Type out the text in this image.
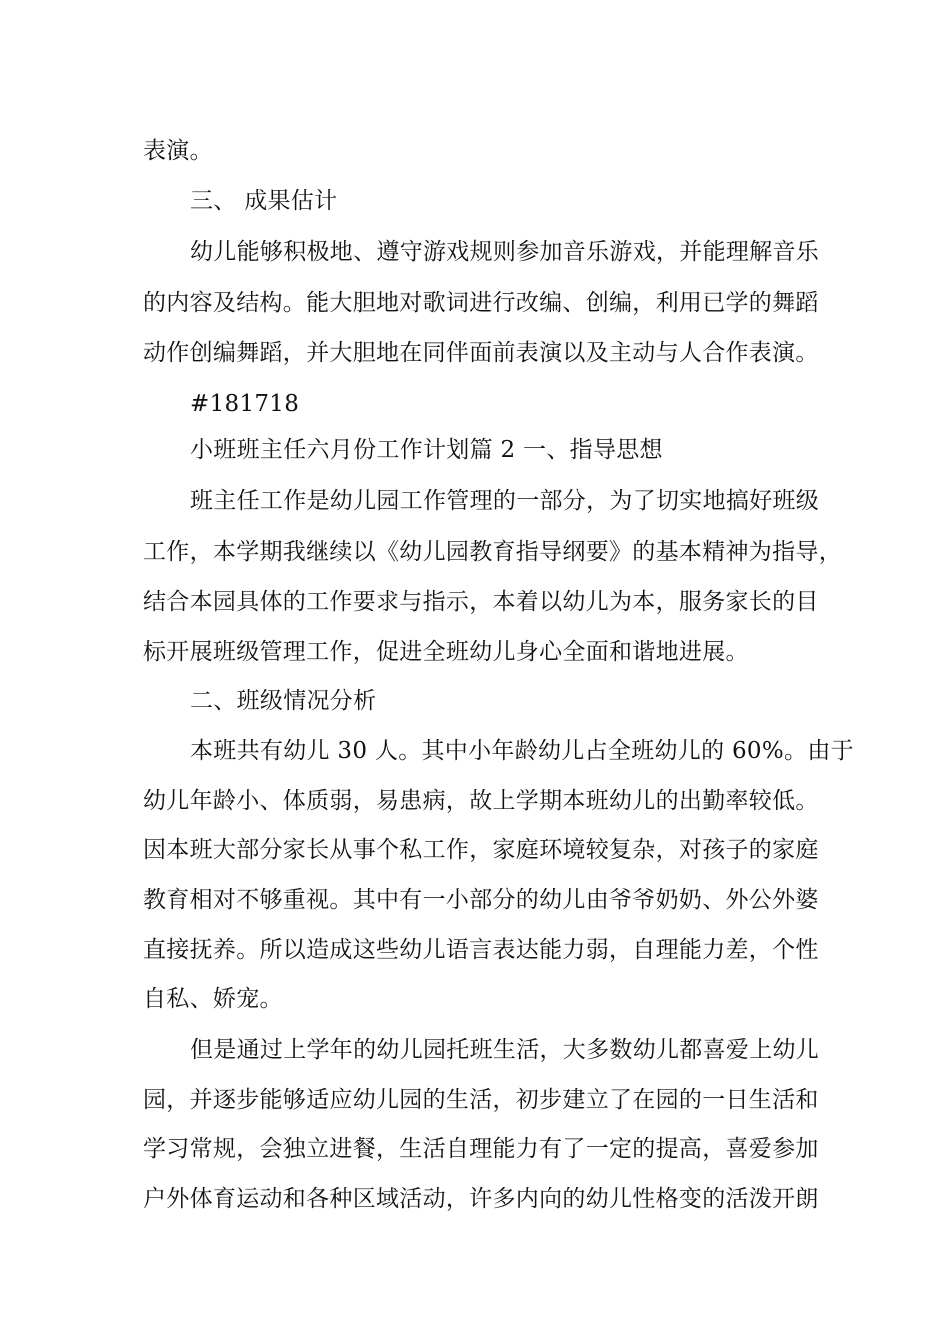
表演。
三、 成果估计
幼儿能够积极地、遵守游戏规则参加音乐游戏，并能理解音乐
的内容及结构。能大胆地对歌词进行改编、创编，利用已学的舞蹈
动作创编舞蹈，并大胆地在同伴面前表演以及主动与人合作表演。
#181718
小班班主任六月份工作计划篇 2 一、指导思想
班主任工作是幼儿园工作管理的一部分，为了切实地搞好班级
工作，本学期我继续以《幼儿园教育指导纲要》的基本精神为指导，
结合本园具体的工作要求与指示，本着以幼儿为本，服务家长的目
标开展班级管理工作，促进全班幼儿身心全面和谐地进展。
二、班级情况分析
本班共有幼儿 30 人。其中小年龄幼儿占全班幼儿的 60%。由于
幼儿年龄小、体质弱，易患病，故上学期本班幼儿的出勤率较低。
因本班大部分家长从事个私工作，家庭环境较复杂，对孩子的家庭
教育相对不够重视。其中有一小部分的幼儿由爷爷奶奶、外公外婆
直接抚养。所以造成这些幼儿语言表达能力弱，自理能力差，个性
自私、娇宠。
但是通过上学年的幼儿园托班生活，大多数幼儿都喜爱上幼儿
园，并逐步能够适应幼儿园的生活，初步建立了在园的一日生活和
学习常规，会独立进餐，生活自理能力有了一定的提高，喜爱参加
户外体育运动和各种区域活动，许多内向的幼儿性格变的活泼开朗
